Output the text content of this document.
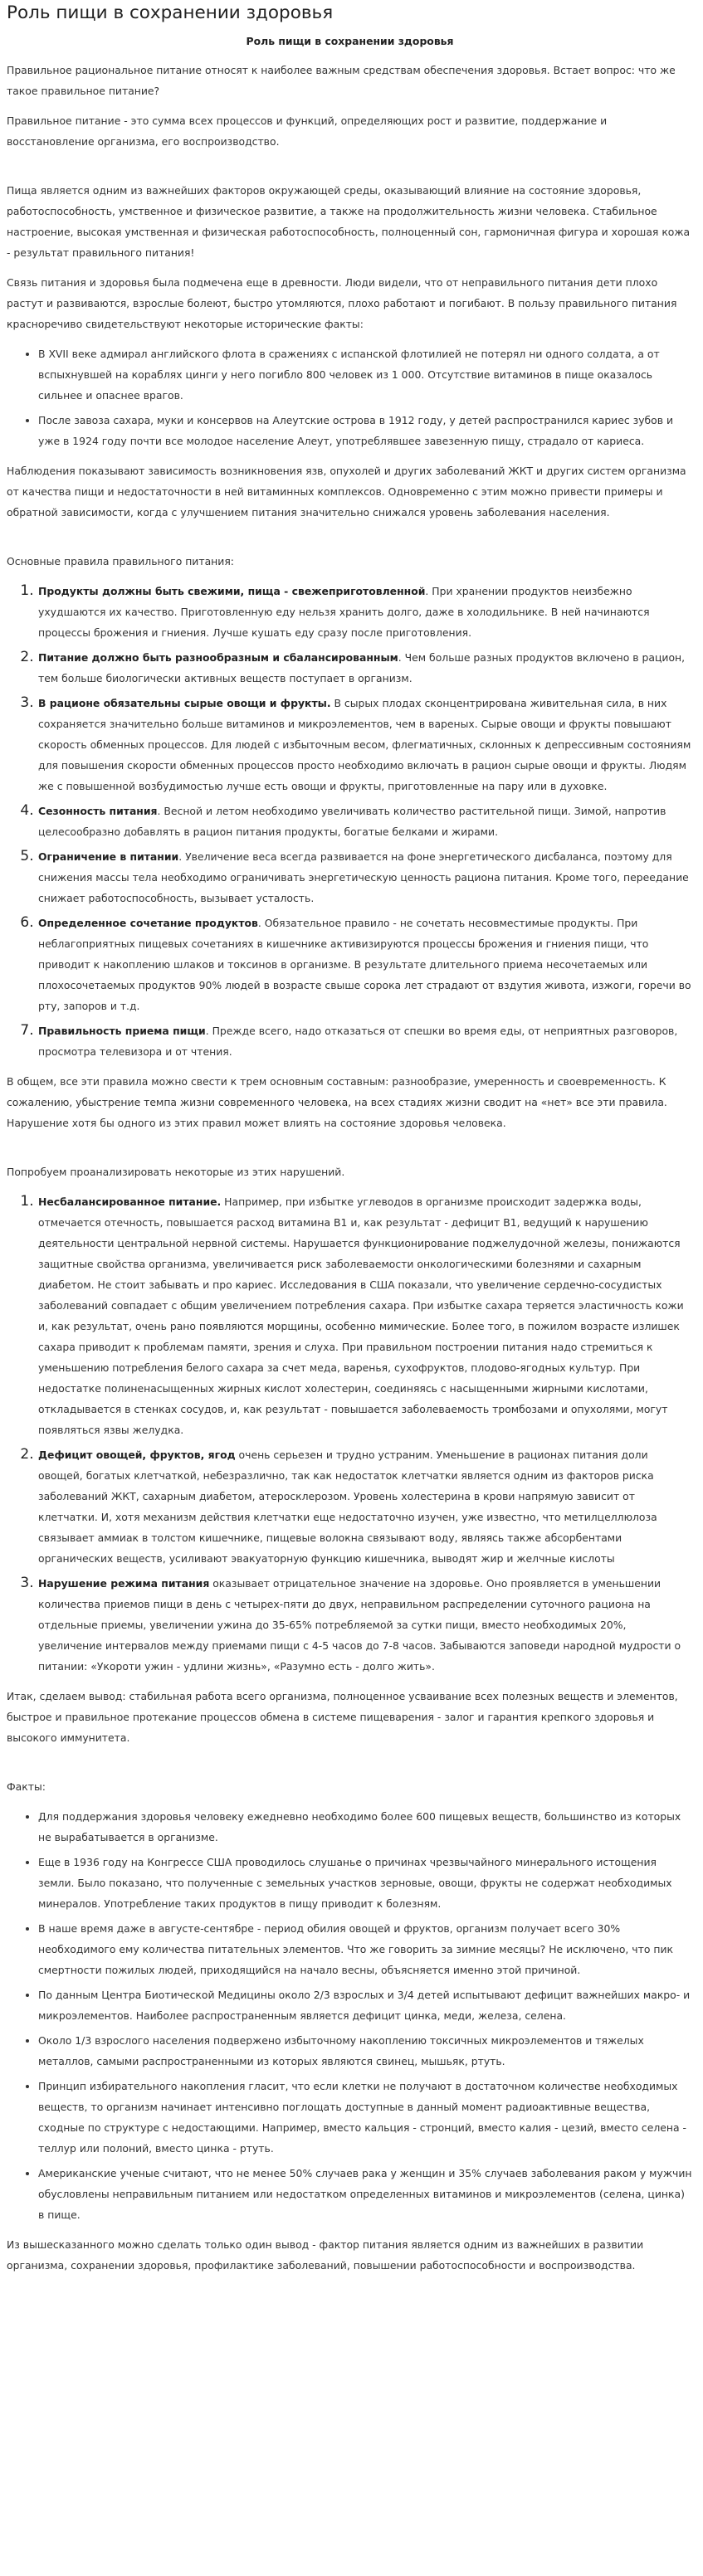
Роль пищи в сохранении здоровья
Роль пищи в сохранении здоровья

Правильное рациональное питание относят к наиболее важным средствам обеспечения здоровья. Встает вопрос: что же такое правильное питание?

Правильное питание - это сумма всех процессов и функций, определяющих рост и развитие, поддержание и восстановление организма, его воспроизводство.

Пища является одним из важнейших факторов окружающей среды, оказывающий влияние на состояние здоровья, работоспособность, умственное и физическое развитие, а также на продолжительность жизни человека. Стабильное настроение, высокая умственная и физическая работоспособность, полноценный сон, гармоничная фигура и хорошая кожа - результат правильного питания!

Связь питания и здоровья была подмечена еще в древности. Люди видели, что от неправильного питания дети плохо растут и развиваются, взрослые болеют, быстро утомляются, плохо работают и погибают. В пользу правильного питания красноречиво свидетельствуют некоторые исторические факты:

• В XVII веке адмирал английского флота в сражениях с испанской флотилией не потерял ни одного солдата, а от вспыхнувшей на кораблях цинги у него погибло 800 человек из 1 000. Отсутствие витаминов в пище оказалось сильнее и опаснее врагов.
• После завоза сахара, муки и консервов на Алеутские острова в 1912 году, у детей распространился кариес зубов и уже в 1924 году почти все молодое население Алеут, употреблявшее завезенную пищу, страдало от кариеса.

Наблюдения показывают зависимость возникновения язв, опухолей и других заболеваний ЖКТ и других систем организма от качества пищи и недостаточности в ней витаминных комплексов. Одновременно с этим можно привести примеры и обратной зависимости, когда с улучшением питания значительно снижался уровень заболевания населения.

Основные правила правильного питания:

1. Продукты должны быть свежими, пища - свежеприготовленной. При хранении продуктов неизбежно ухудшаются их качество. Приготовленную еду нельзя хранить долго, даже в холодильнике. В ней начинаются процессы брожения и гниения. Лучше кушать еду сразу после приготовления.
2. Питание должно быть разнообразным и сбалансированным. Чем больше разных продуктов включено в рацион, тем больше биологически активных веществ поступает в организм.
3. В рационе обязательны сырые овощи и фрукты. В сырых плодах сконцентрирована живительная сила, в них сохраняется значительно больше витаминов и микроэлементов, чем в вареных. Сырые овощи и фрукты повышают скорость обменных процессов. Для людей с избыточным весом, флегматичных, склонных к депрессивным состояниям для повышения скорости обменных процессов просто необходимо включать в рацион сырые овощи и фрукты. Людям же с повышенной возбудимостью лучше есть овощи и фрукты, приготовленные на пару или в духовке.
4. Сезонность питания. Весной и летом необходимо увеличивать количество растительной пищи. Зимой, напротив целесообразно добавлять в рацион питания продукты, богатые белками и жирами.
5. Ограничение в питании. Увеличение веса всегда развивается на фоне энергетического дисбаланса, поэтому для снижения массы тела необходимо ограничивать энергетическую ценность рациона питания. Кроме того, переедание снижает работоспособность, вызывает усталость.
6. Определенное сочетание продуктов. Обязательное правило - не сочетать несовместимые продукты. При неблагоприятных пищевых сочетаниях в кишечнике активизируются процессы брожения и гниения пищи, что приводит к накоплению шлаков и токсинов в организме. В результате длительного приема несочетаемых или плохосочетаемых продуктов 90% людей в возрасте свыше сорока лет страдают от вздутия живота, изжоги, горечи во рту, запоров и т.д.
7. Правильность приема пищи. Прежде всего, надо отказаться от спешки во время еды, от неприятных разговоров, просмотра телевизора и от чтения.

В общем, все эти правила можно свести к трем основным составным: разнообразие, умеренность и своевременность. К сожалению, убыстрение темпа жизни современного человека, на всех стадиях жизни сводит на «нет» все эти правила. Нарушение хотя бы одного из этих правил может влиять на состояние здоровья человека.

Попробуем проанализировать некоторые из этих нарушений.

1. Несбалансированное питание. Например, при избытке углеводов в организме происходит задержка воды, отмечается отечность, повышается расход витамина B1 и, как результат - дефицит B1, ведущий к нарушению деятельности центральной нервной системы. Нарушается функционирование поджелудочной железы, понижаются защитные свойства организма, увеличивается риск заболеваемости онкологическими болезнями и сахарным диабетом. Не стоит забывать и про кариес. Исследования в США показали, что увеличение сердечно-сосудистых заболеваний совпадает с общим увеличением потребления сахара. При избытке сахара теряется эластичность кожи и, как результат, очень рано появляются морщины, особенно мимические. Более того, в пожилом возрасте излишек сахара приводит к проблемам памяти, зрения и слуха. При правильном построении питания надо стремиться к уменьшению потребления белого сахара за счет меда, варенья, сухофруктов, плодово-ягодных культур. При недостатке полиненасыщенных жирных кислот холестерин, соединяясь с насыщенными жирными кислотами, откладывается в стенках сосудов, и, как результат - повышается заболеваемость тромбозами и опухолями, могут появляться язвы желудка.
2. Дефицит овощей, фруктов, ягод очень серьезен и трудно устраним. Уменьшение в рационах питания доли овощей, богатых клетчаткой, небезразлично, так как недостаток клетчатки является одним из факторов риска заболеваний ЖКТ, сахарным диабетом, атеросклерозом. Уровень холестерина в крови напрямую зависит от клетчатки. И, хотя механизм действия клетчатки еще недостаточно изучен, уже известно, что метилцеллюлоза связывает аммиак в толстом кишечнике, пищевые волокна связывают воду, являясь также абсорбентами органических веществ, усиливают эвакуаторную функцию кишечника, выводят жир и желчные кислоты
3. Нарушение режима питания оказывает отрицательное значение на здоровье. Оно проявляется в уменьшении количества приемов пищи в день с четырех-пяти до двух, неправильном распределении суточного рациона на отдельные приемы, увеличении ужина до 35-65% потребляемой за сутки пищи, вместо необходимых 20%, увеличение интервалов между приемами пищи с 4-5 часов до 7-8 часов. Забываются заповеди народной мудрости о питании: «Укороти ужин - удлини жизнь», «Разумно есть - долго жить».

Итак, сделаем вывод: стабильная работа всего организма, полноценное усваивание всех полезных веществ и элементов, быстрое и правильное протекание процессов обмена в системе пищеварения - залог и гарантия крепкого здоровья и высокого иммунитета.

Факты:

• Для поддержания здоровья человеку ежедневно необходимо более 600 пищевых веществ, большинство из которых не вырабатывается в организме.
• Еще в 1936 году на Конгрессе США проводилось слушанье о причинах чрезвычайного минерального истощения земли. Было показано, что полученные с земельных участков зерновые, овощи, фрукты не содержат необходимых минералов. Употребление таких продуктов в пищу приводит к болезням.
• В наше время даже в августе-сентябре - период обилия овощей и фруктов, организм получает всего 30% необходимого ему количества питательных элементов. Что же говорить за зимние месяцы? Не исключено, что пик смертности пожилых людей, приходящийся на начало весны, объясняется именно этой причиной.
• По данным Центра Биотической Медицины около 2/3 взрослых и 3/4 детей испытывают дефицит важнейших макро- и микроэлементов. Наиболее распространенным является дефицит цинка, меди, железа, селена.
• Около 1/3 взрослого населения подвержено избыточному накоплению токсичных микроэлементов и тяжелых металлов, самыми распространенными из которых являются свинец, мышьяк, ртуть.
• Принцип избирательного накопления гласит, что если клетки не получают в достаточном количестве необходимых веществ, то организм начинает интенсивно поглощать доступные в данный момент радиоактивные вещества, сходные по структуре с недостающими. Например, вместо кальция - стронций, вместо калия - цезий, вместо селена - теллур или полоний, вместо цинка - ртуть.
• Американские ученые считают, что не менее 50% случаев рака у женщин и 35% случаев заболевания раком у мужчин обусловлены неправильным питанием или недостатком определенных витаминов и микроэлементов (селена, цинка) в пище.

Из вышесказанного можно сделать только один вывод - фактор питания является одним из важнейших в развитии организма, сохранении здоровья, профилактике заболеваний, повышении работоспособности и воспроизводства.
